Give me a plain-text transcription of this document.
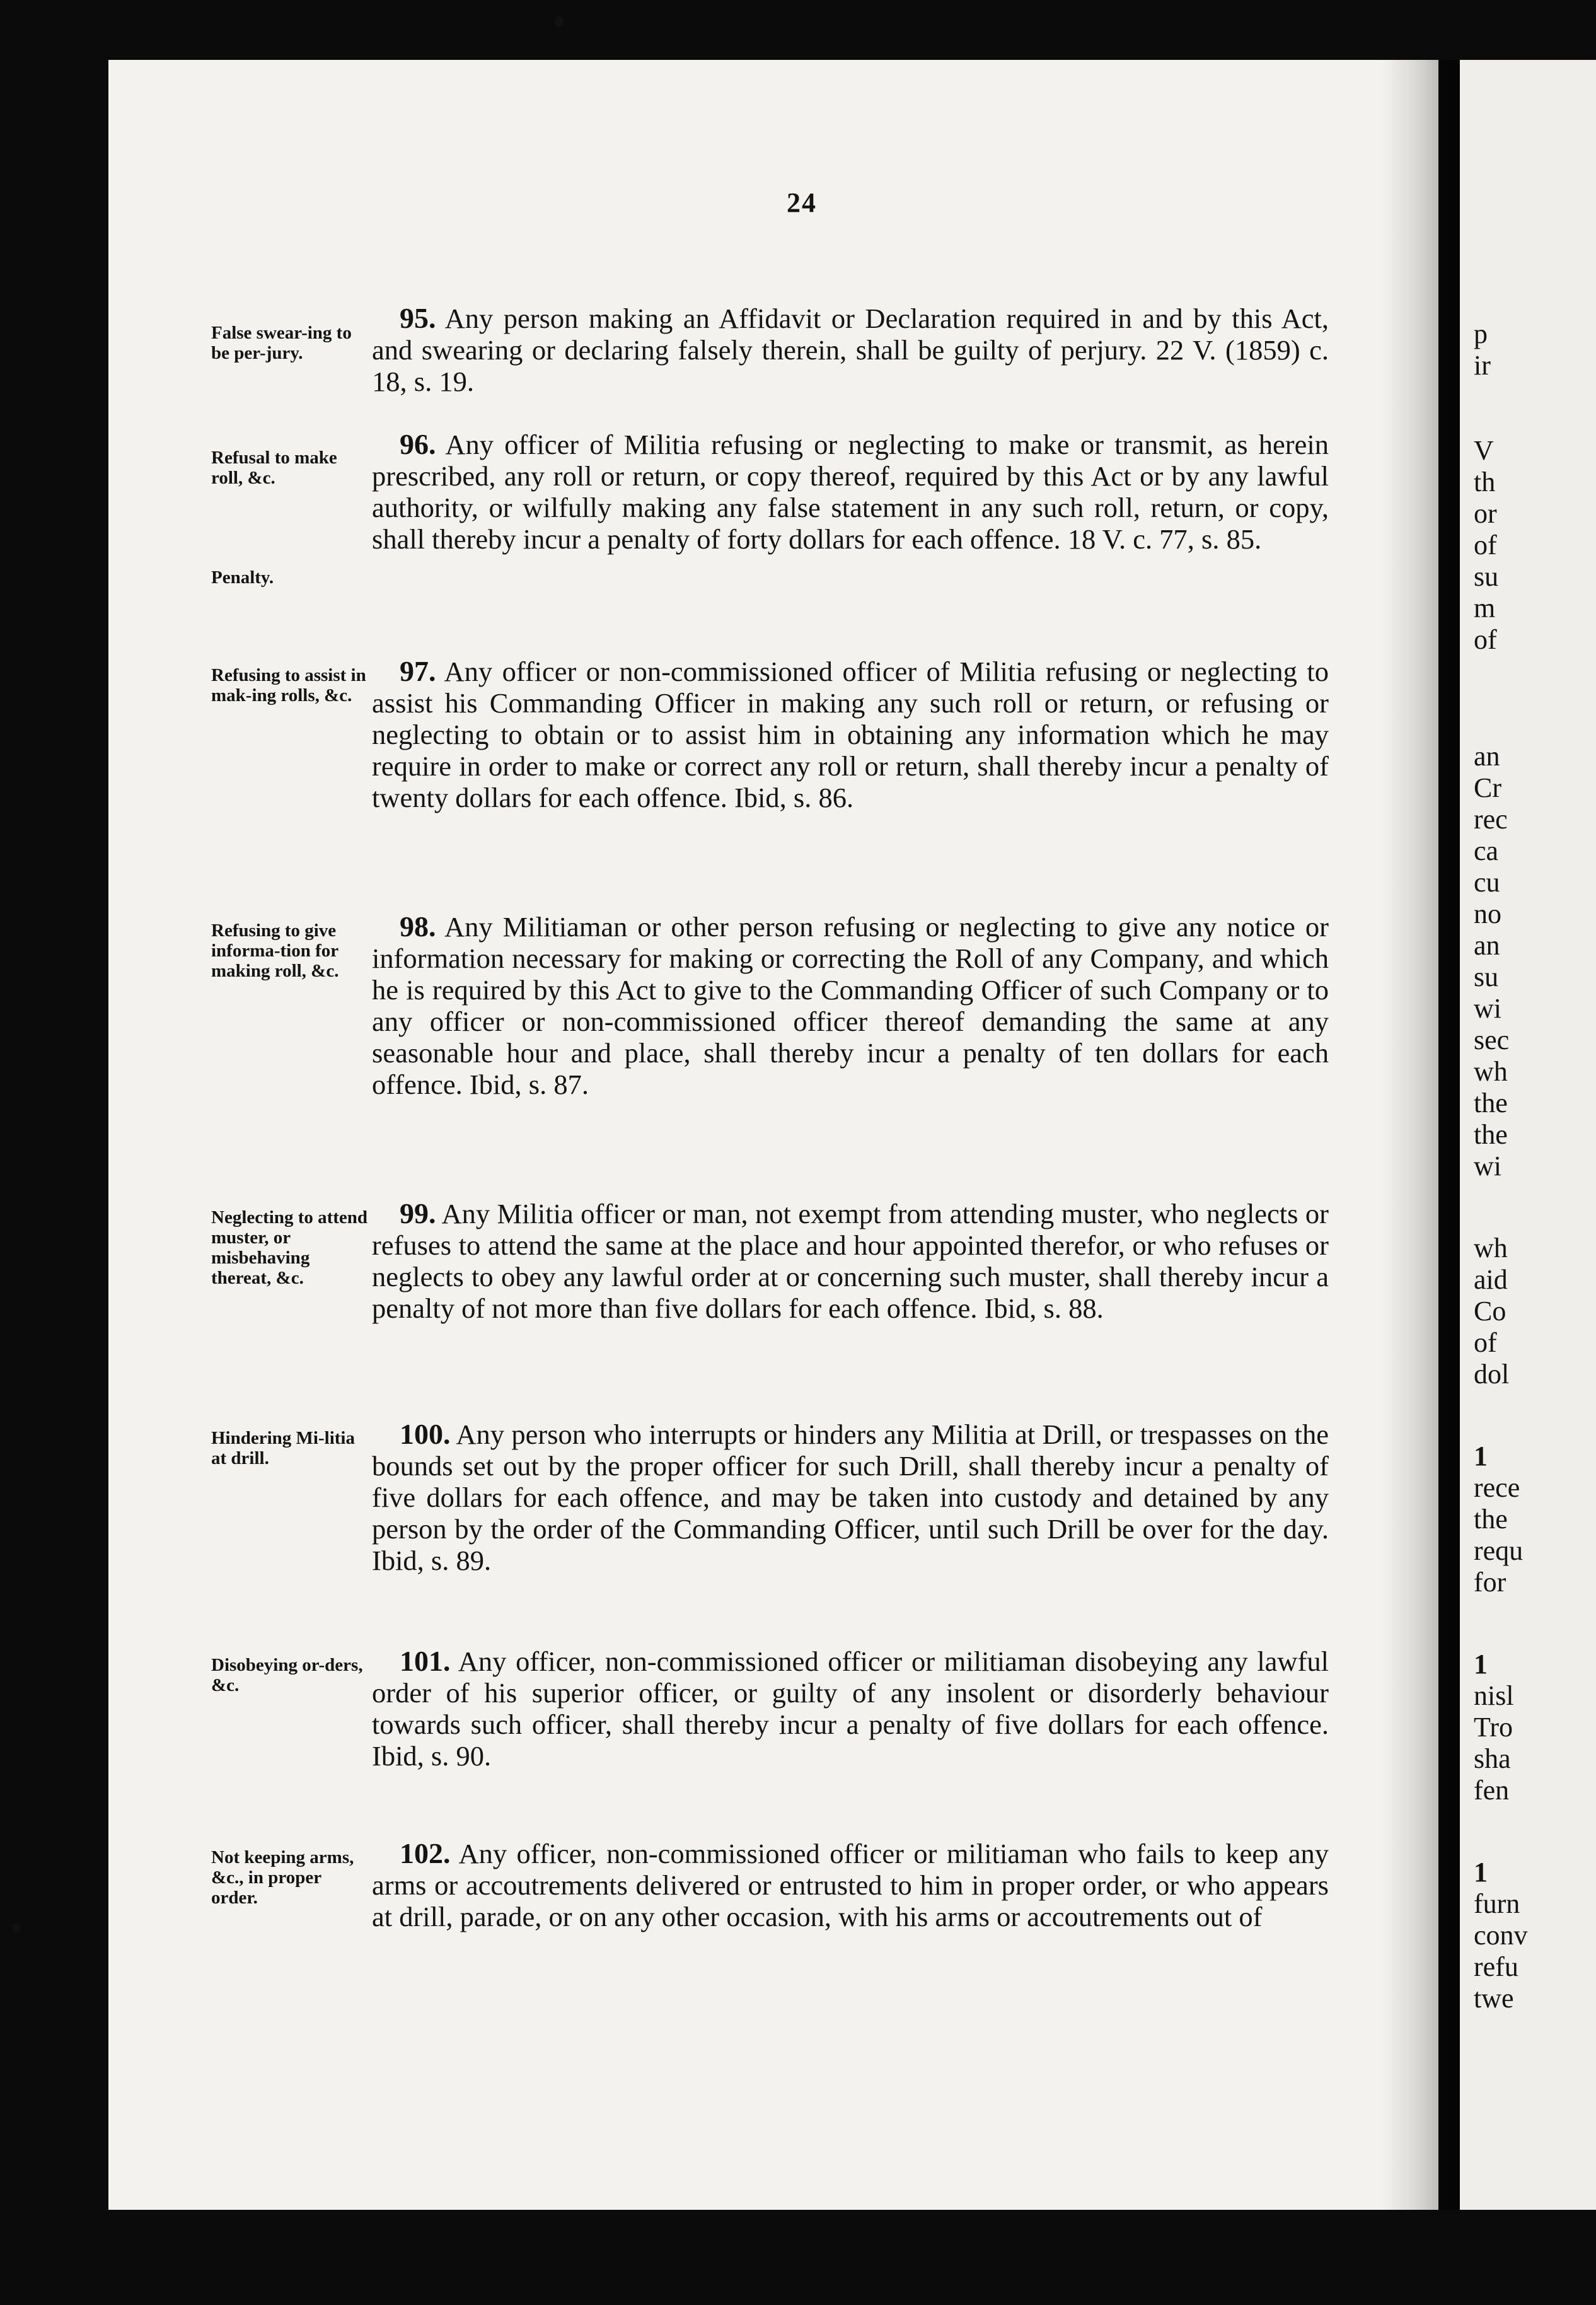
p
ir
V
th
or
of
su
m
of
an
Cr
rec
ca
cu
no
an
su
wi
sec
wh
the
the
wi
wh
aid
Co
of
dol
1
rece
the
requ
for
1
nisl
Tro
sha
fen
1
furn
conv
refu
twe
24
False swear-ing to be per-jury.
Refusal to make roll, &c.
Penalty.
Refusing to assist in mak-ing rolls, &c.
Refusing to give informa-tion for making roll, &c.
Neglecting to attend muster, or misbehaving thereat, &c.
Hindering Mi-litia at drill.
Disobeying or-ders, &c.
Not keeping arms, &c., in proper order.
95. Any person making an Affidavit or Declaration required in and by this Act, and swearing or declaring falsely therein, shall be guilty of perjury. 22 V. (1859) c. 18, s. 19.
96. Any officer of Militia refusing or neglecting to make or transmit, as herein prescribed, any roll or return, or copy thereof, required by this Act or by any lawful authority, or wilfully making any false statement in any such roll, return, or copy, shall thereby incur a penalty of forty dollars for each offence. 18 V. c. 77, s. 85.
97. Any officer or non-commissioned officer of Militia refusing or neglecting to assist his Commanding Officer in making any such roll or return, or refusing or neglecting to obtain or to assist him in obtaining any information which he may require in order to make or correct any roll or return, shall thereby incur a penalty of twenty dollars for each offence. Ibid, s. 86.
98. Any Militiaman or other person refusing or neglecting to give any notice or information necessary for making or correcting the Roll of any Company, and which he is required by this Act to give to the Commanding Officer of such Company or to any officer or non-commissioned officer thereof demanding the same at any seasonable hour and place, shall thereby incur a penalty of ten dollars for each offence. Ibid, s. 87.
99. Any Militia officer or man, not exempt from attending muster, who neglects or refuses to attend the same at the place and hour appointed therefor, or who refuses or neglects to obey any lawful order at or concerning such muster, shall thereby incur a penalty of not more than five dollars for each offence. Ibid, s. 88.
100. Any person who interrupts or hinders any Militia at Drill, or trespasses on the bounds set out by the proper officer for such Drill, shall thereby incur a penalty of five dollars for each offence, and may be taken into custody and detained by any person by the order of the Commanding Officer, until such Drill be over for the day. Ibid, s. 89.
101. Any officer, non-commissioned officer or militiaman disobeying any lawful order of his superior officer, or guilty of any insolent or disorderly behaviour towards such officer, shall thereby incur a penalty of five dollars for each offence. Ibid, s. 90.
102. Any officer, non-commissioned officer or militiaman who fails to keep any arms or accoutrements delivered or entrusted to him in proper order, or who appears at drill, parade, or on any other occasion, with his arms or accoutrements out of
